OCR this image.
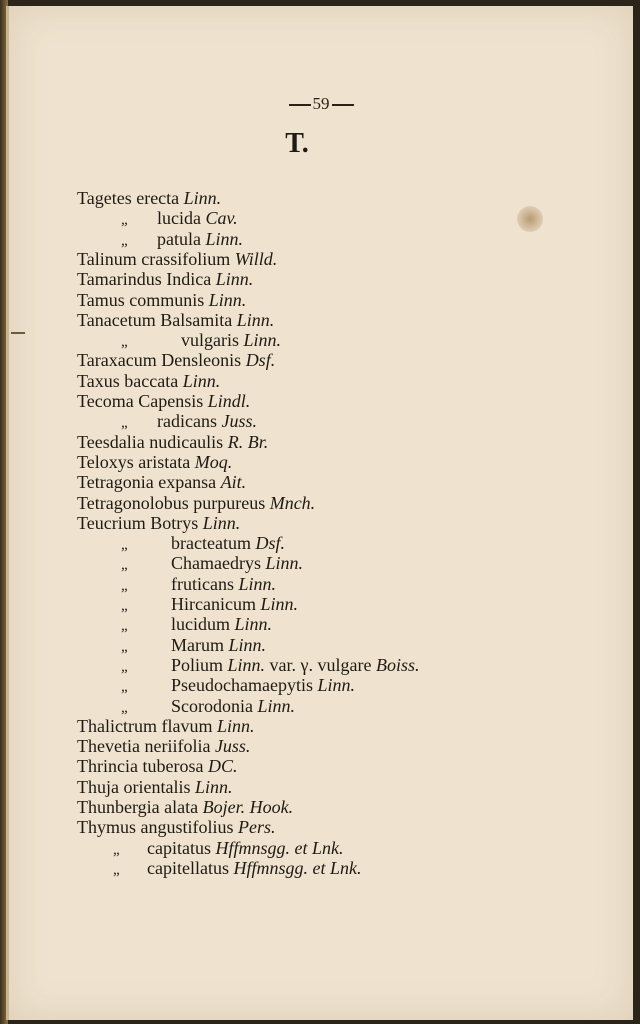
59
T.
Tagetes erecta Linn.
„ lucida Cav.
„ patula Linn.
Talinum crassifolium Willd.
Tamarindus Indica Linn.
Tamus communis Linn.
Tanacetum Balsamita Linn.
„	vulgaris Linn.
Taraxacum Densleonis Dsf.
Taxus baccata Linn.
Tecoma Capensis Lindl.
„ radicans Juss.
Teesdalia nudicaulis R. Br.
Teloxys aristata Moq.
Tetragonia expansa Ait.
Tetragonolobus purpureus Mnch.
Teucrium Botrys Linn.
„ bracteatum Dsf.
„ Chamaedrys Linn.
„ fruticans Linn.
„ Hircanicum Linn.
„ lucidum Linn.
„ Marum Linn.
„ Polium Linn. var. γ. vulgare Boiss.
„ Pseudochamaepytis Linn.
„ Scorodonia Linn.
Thalictrum flavum Linn.
Thevetia neriifolia Juss.
Thrincia tuberosa DC.
Thuja orientalis Linn.
Thunbergia alata Bojer. Hook.
Thymus angustifolius Pers.
„ capitatus Hffmnsgg. et Lnk.
„ capitellatus Hffmnsgg. et Lnk.
